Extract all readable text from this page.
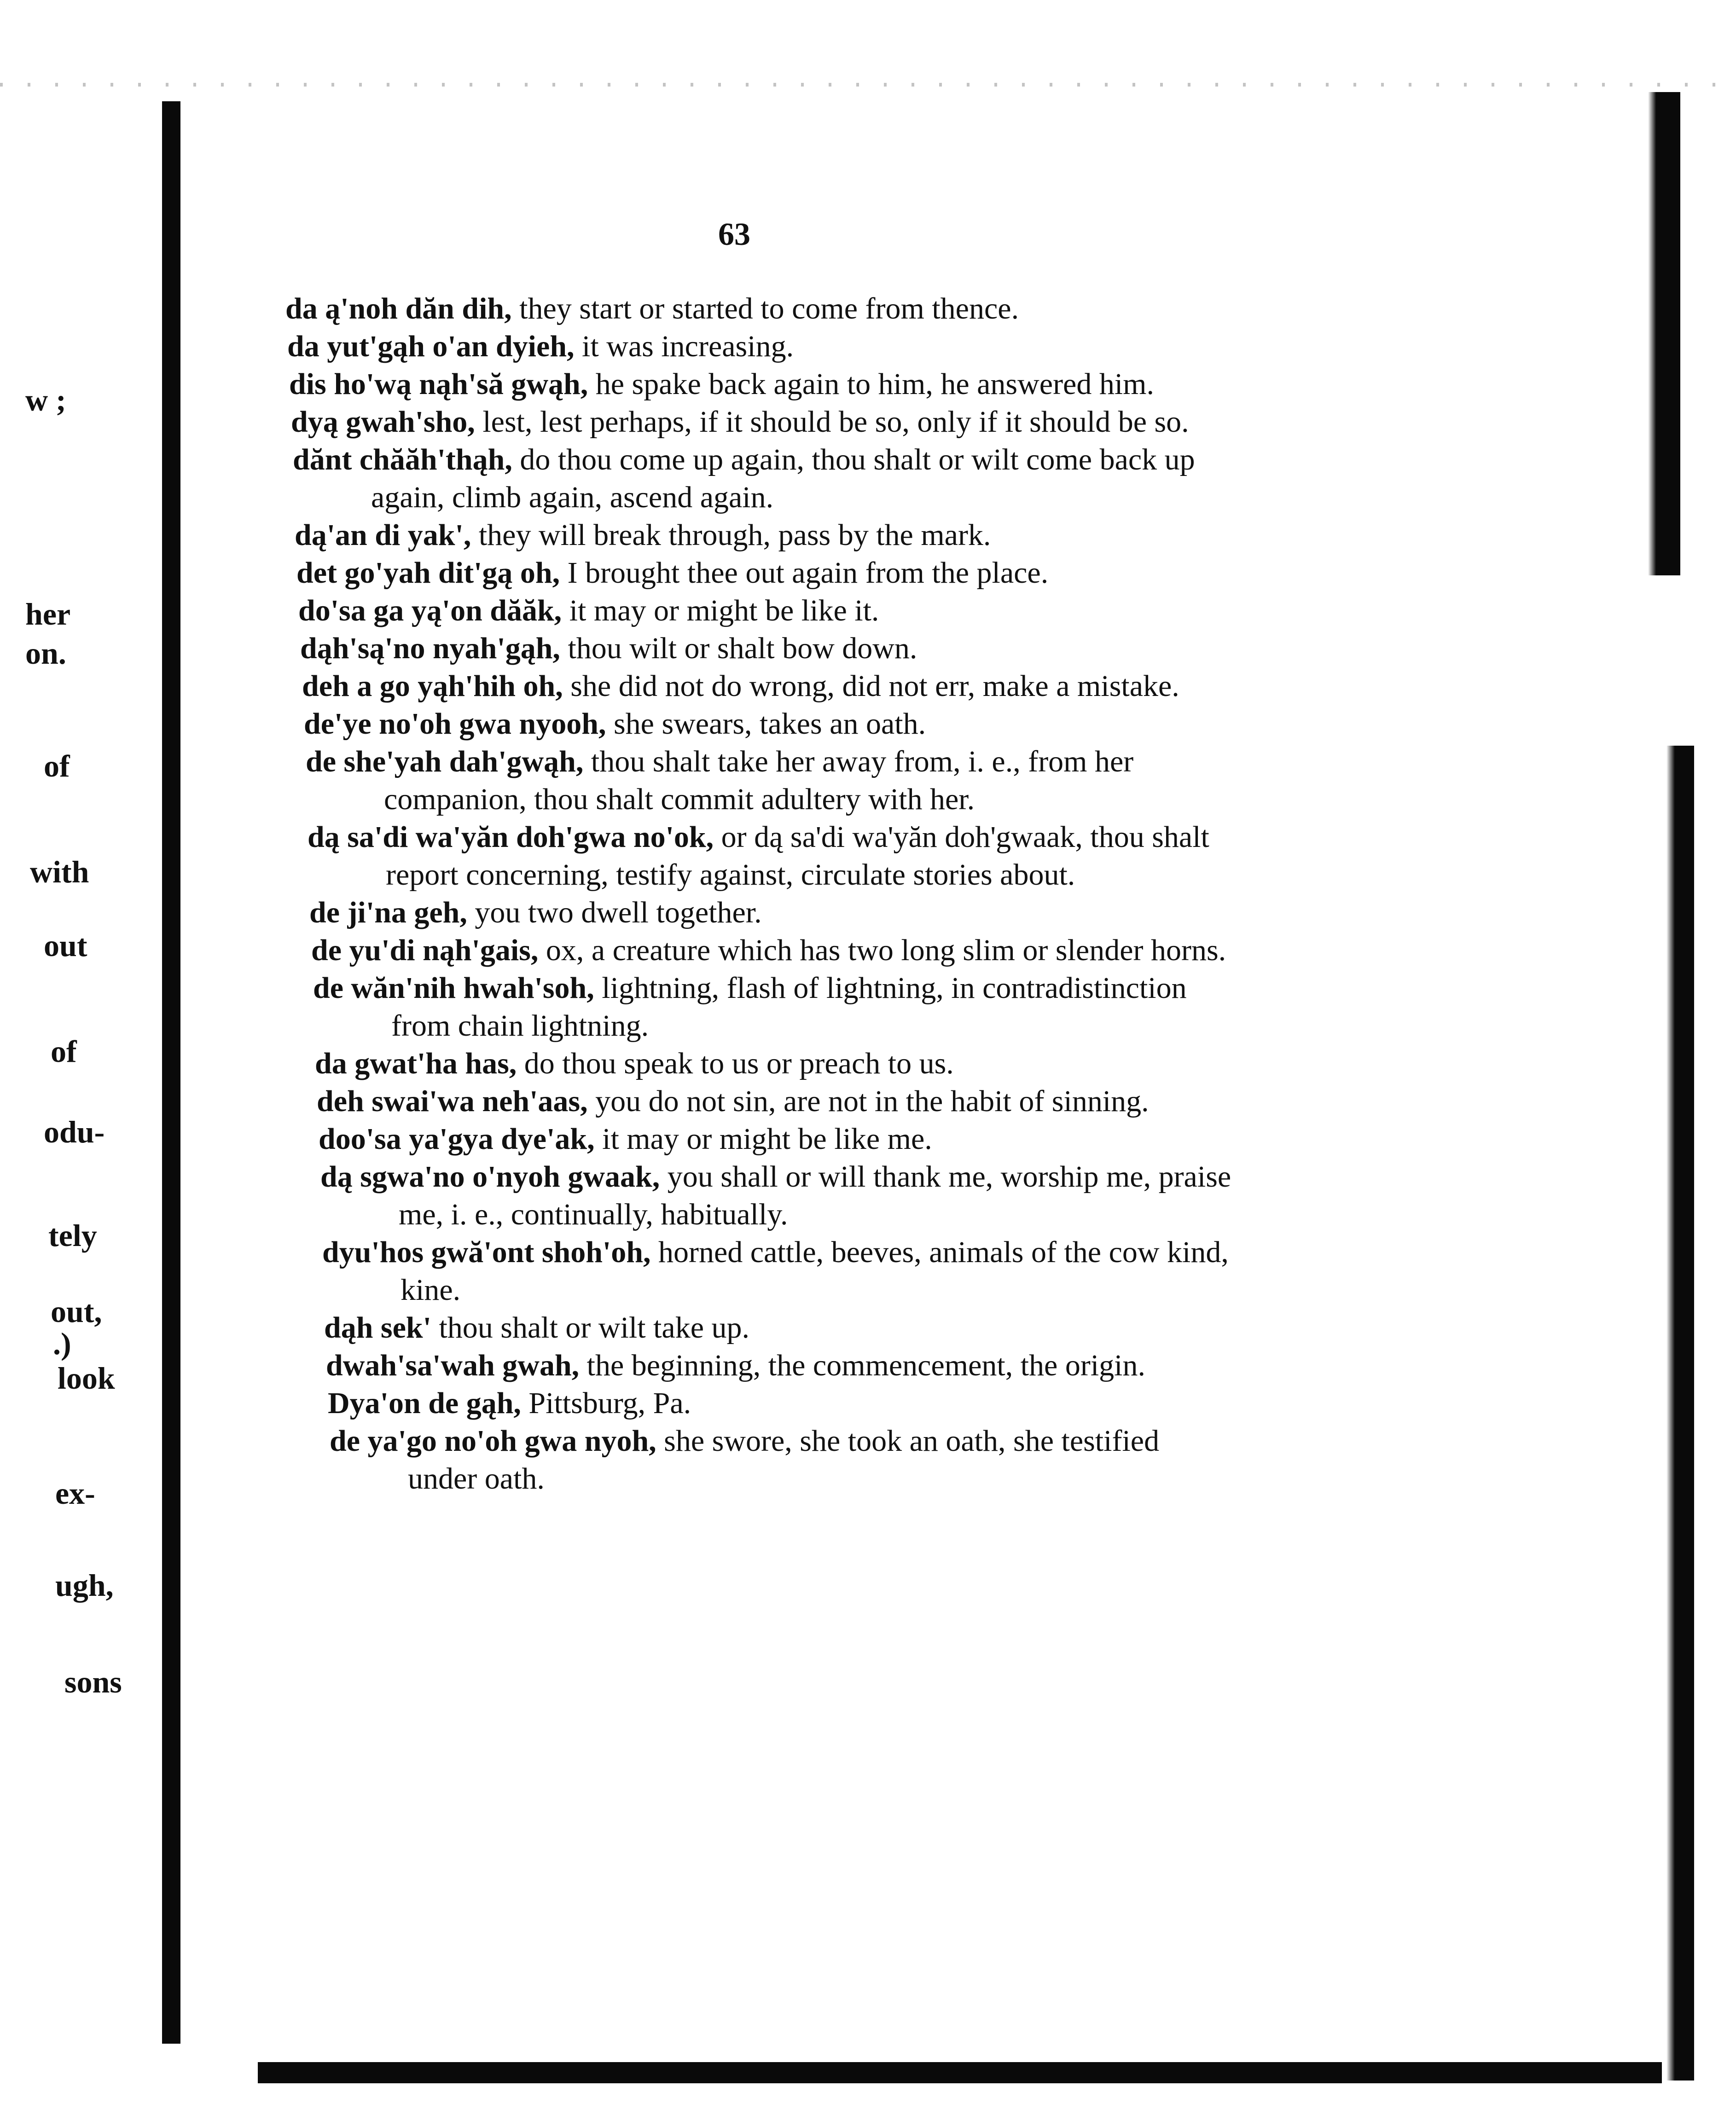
w ;
her
on.
of
with
out
of
odu-
tely
out,
.)
look
ex-
ugh,
sons
63

da ą'noh dăn dih, they start or started to come from thence.

da yut'gąh o'an dyieh, it was increasing.

dis ho'wą nąh'să gwąh, he spake back again to him, he answered him.

dyą gwah'sho, lest, lest perhaps, if it should be so, only if it should be so.

dănt chăăh'thąh, do thou come up again, thou shalt or wilt come back up again, climb again, ascend again.

dą'an di yak', they will break through, pass by the mark.

det go'yah dit'gą oh, I brought thee out again from the place.

do'sa ga yą'on dăăk, it may or might be like it.

dąh'są'no nyah'gąh, thou wilt or shalt bow down.

deh a go yąh'hih oh, she did not do wrong, did not err, make a mistake.

de'ye no'oh gwa nyooh, she swears, takes an oath.

de she'yah dah'gwąh, thou shalt take her away from, i. e., from her companion, thou shalt commit adultery with her.

dą sa'di wa'yăn doh'gwa no'ok, or dą sa'di wa'yăn doh'gwaak, thou shalt report concerning, testify against, circulate stories about.

de ji'na geh, you two dwell together.

de yu'di nąh'gais, ox, a creature which has two long slim or slender horns.

de wăn'nih hwah'soh, lightning, flash of lightning, in contradistinction from chain lightning.

da gwat'ha has, do thou speak to us or preach to us.

deh swai'wa neh'aas, you do not sin, are not in the habit of sinning.

doo'sa ya'gya dye'ak, it may or might be like me.

dą sgwa'no o'nyoh gwaak, you shall or will thank me, worship me, praise me, i. e., continually, habitually.

dyu'hos gwă'ont shoh'oh, horned cattle, beeves, animals of the cow kind, kine.

dąh sek' thou shalt or wilt take up.

dwah'sa'wah gwah, the beginning, the commencement, the origin.

Dya'on de gąh, Pittsburg, Pa.

de ya'go no'oh gwa nyoh, she swore, she took an oath, she testified under oath.
